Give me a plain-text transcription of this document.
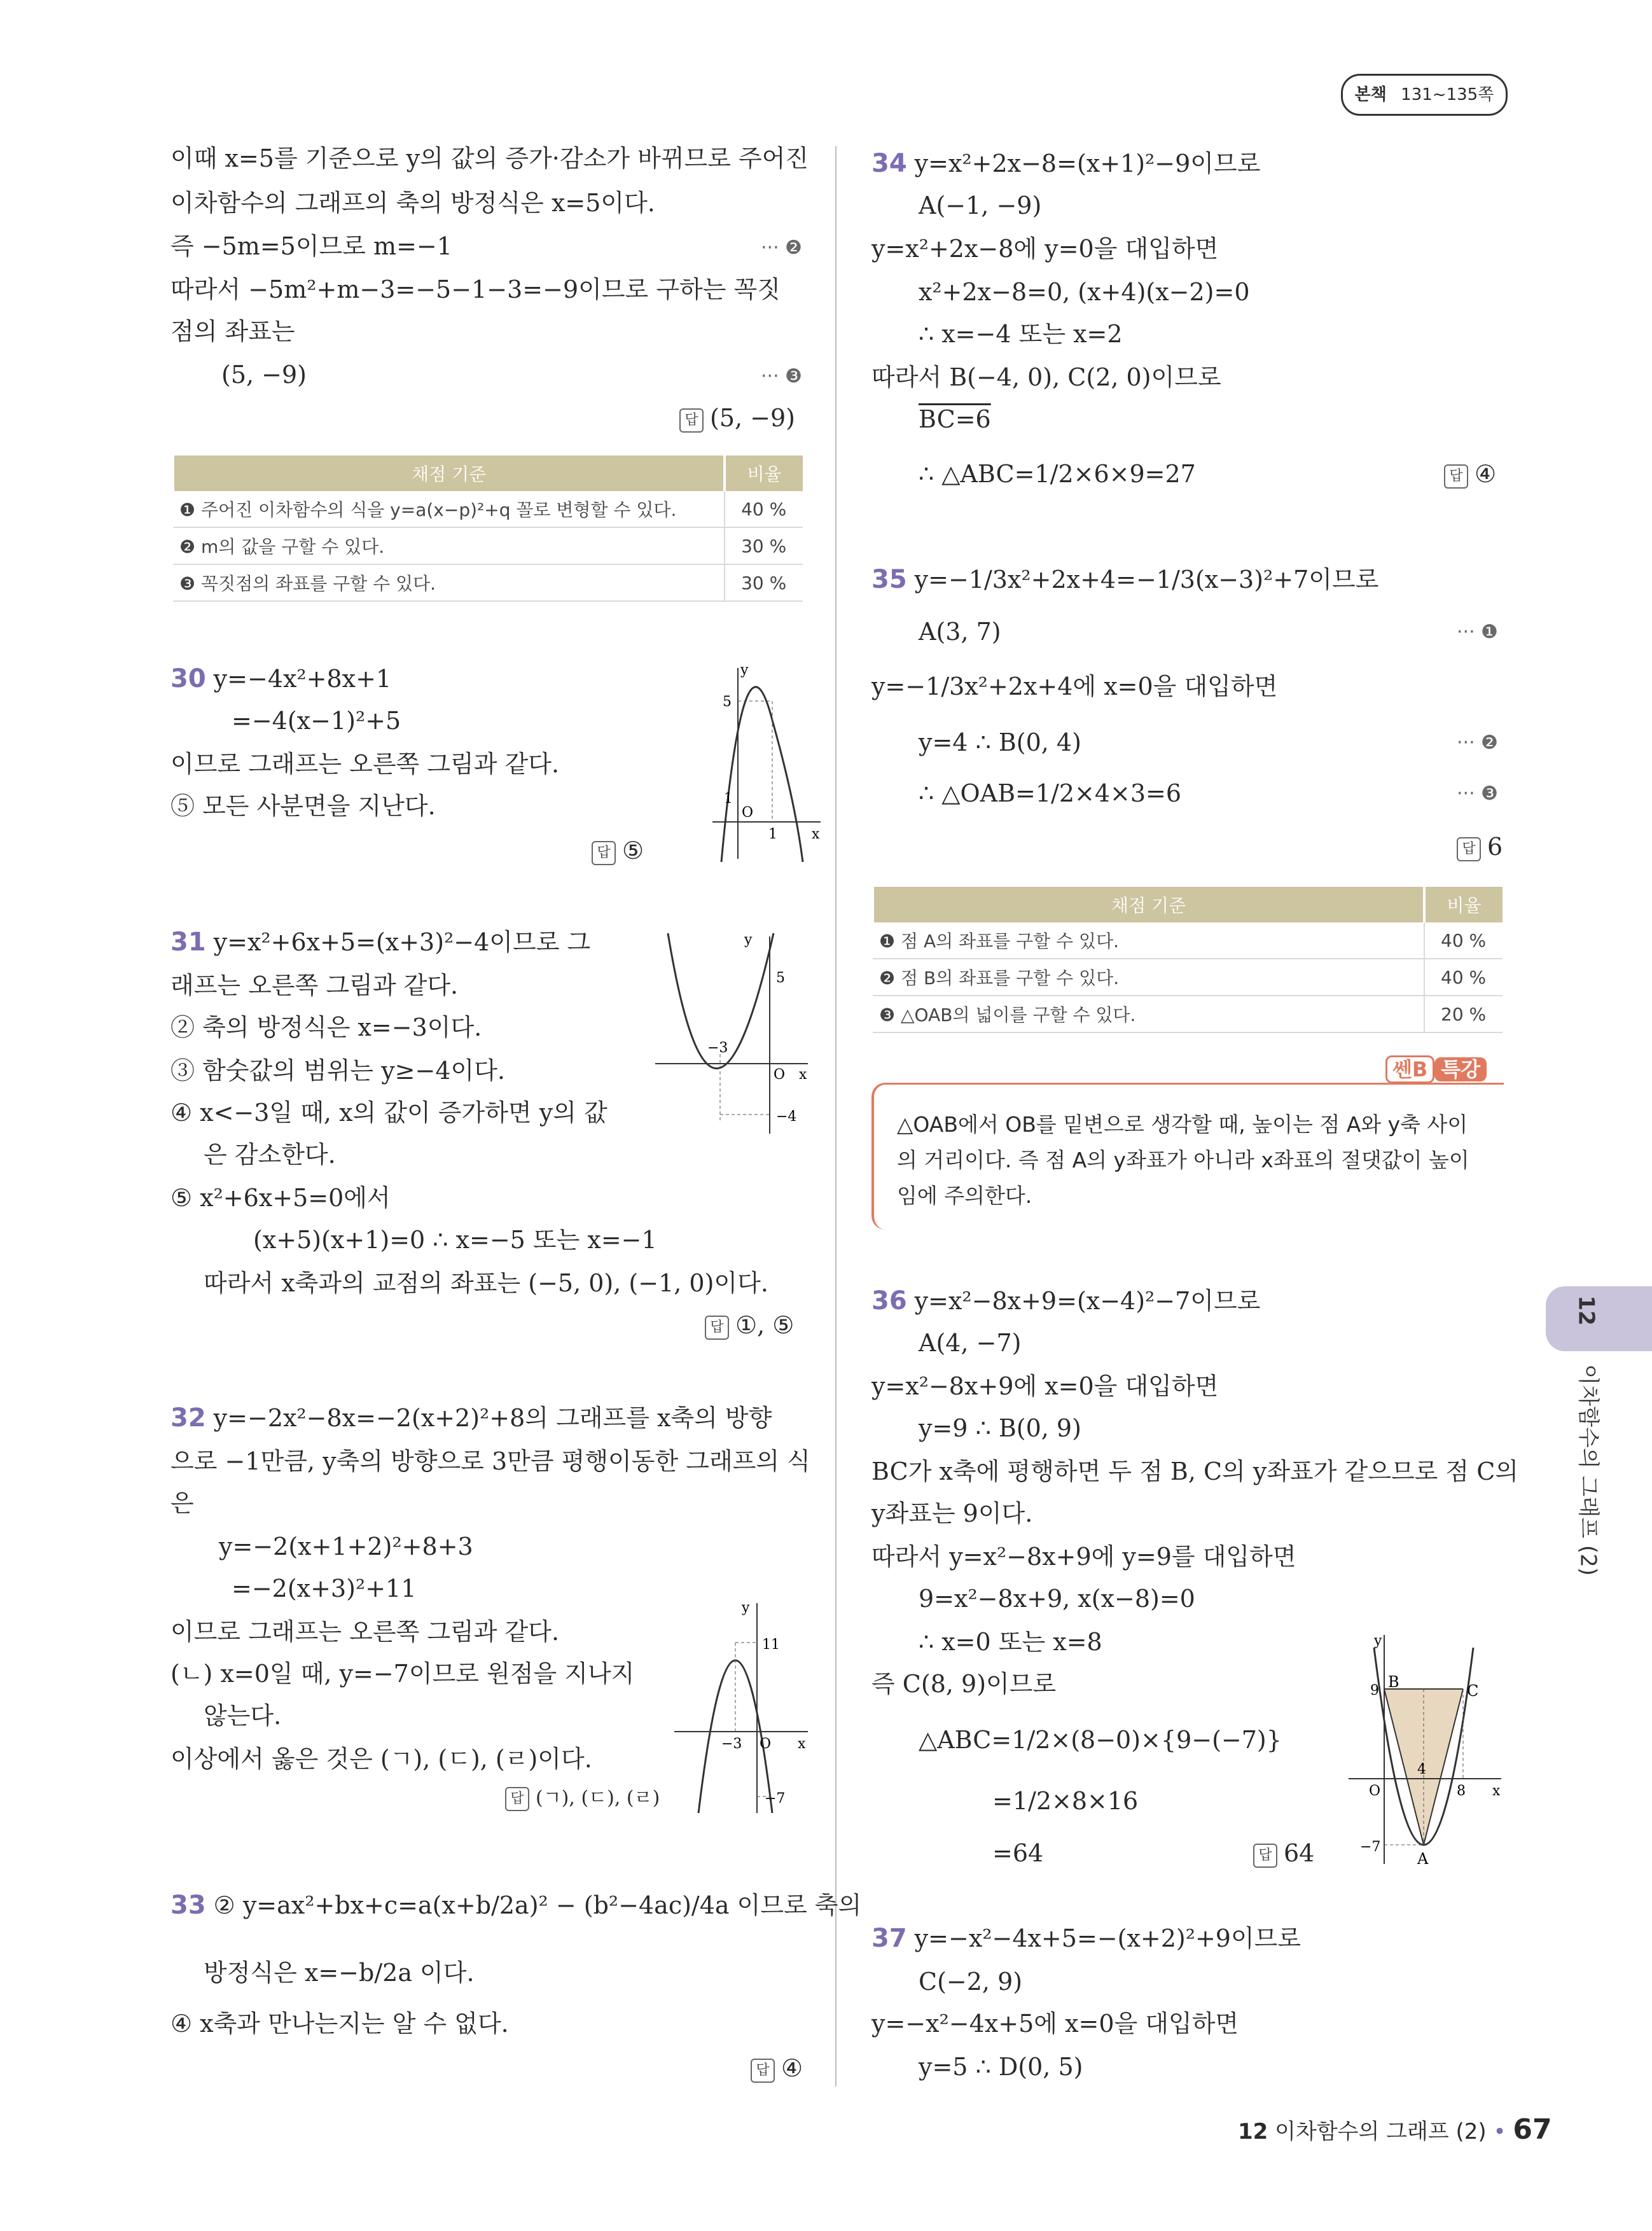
본책 131~135쪽
이때 x=5를 기준으로 y의 값의 증가·감소가 바뀌므로 주어진
이차함수의 그래프의 축의 방정식은 x=5이다.
즉 −5m=5이므로 m=−1	··· ❷
따라서 −5m²+m−3=−5−1−3=−9이므로 구하는 꼭짓
점의 좌표는
(5, −9)	··· ❸
답 (5, −9)
채점 기준	비율
❶ 주어진 이차함수의 식을 y=a(x−p)²+q 꼴로 변형할 수 있다.	40 %
❷ m의 값을 구할 수 있다.	30 %
❸ 꼭짓점의 좌표를 구할 수 있다.	30 %
30 y=−4x²+8x+1
=−4(x−1)²+5
이므로 그래프는 오른쪽 그림과 같다.
⑤ 모든 사분면을 지난다.
답 ⑤
y
x
5
1
O
1
31 y=x²+6x+5=(x+3)²−4이므로 그
래프는 오른쪽 그림과 같다.
② 축의 방정식은 x=−3이다.
③ 함숫값의 범위는 y≥−4이다.
④ x<−3일 때, x의 값이 증가하면 y의 값
은 감소한다.
⑤ x²+6x+5=0에서
(x+5)(x+1)=0 ∴ x=−5 또는 x=−1
따라서 x축과의 교점의 좌표는 (−5, 0), (−1, 0)이다.
답 ①, ⑤
y
x
5
−4
−3
O
32 y=−2x²−8x=−2(x+2)²+8의 그래프를 x축의 방향
으로 −1만큼, y축의 방향으로 3만큼 평행이동한 그래프의 식
은
y=−2(x+1+2)²+8+3
=−2(x+3)²+11
이므로 그래프는 오른쪽 그림과 같다.
(ㄴ) x=0일 때, y=−7이므로 원점을 지나지
않는다.
이상에서 옳은 것은 (ㄱ), (ㄷ), (ㄹ)이다.
답 (ㄱ), (ㄷ), (ㄹ)
y
x
11
−7
−3 O
33 ② y=ax²+bx+c=a(x+b/2a)² − (b²−4ac)/4a 이므로 축의
방정식은 x=−b/2a 이다.
④ x축과 만나는지는 알 수 없다.
답 ④
34 y=x²+2x−8=(x+1)²−9이므로
A(−1, −9)
y=x²+2x−8에 y=0을 대입하면
x²+2x−8=0, (x+4)(x−2)=0
∴ x=−4 또는 x=2
따라서 B(−4, 0), C(2, 0)이므로
BC=6
∴ △ABC=1/2×6×9=27	답 ④
35 y=−1/3x²+2x+4=−1/3(x−3)²+7이므로
A(3, 7)	··· ❶
y=−1/3x²+2x+4에 x=0을 대입하면
y=4 ∴ B(0, 4)	··· ❷
∴ △OAB=1/2×4×3=6	··· ❸
답 6
채점 기준	비율
❶ 점 A의 좌표를 구할 수 있다.	40 %
❷ 점 B의 좌표를 구할 수 있다.	40 %
❸ △OAB의 넓이를 구할 수 있다.	20 %
쎈B 특강
△OAB에서 OB를 밑변으로 생각할 때, 높이는 점 A와 y축 사이
의 거리이다. 즉 점 A의 y좌표가 아니라 x좌표의 절댓값이 높이
임에 주의한다.
36 y=x²−8x+9=(x−4)²−7이므로
A(4, −7)
y=x²−8x+9에 x=0을 대입하면
y=9 ∴ B(0, 9)
BC가 x축에 평행하면 두 점 B, C의 y좌표가 같으므로 점 C의
y좌표는 9이다.
따라서 y=x²−8x+9에 y=9를 대입하면
9=x²−8x+9, x(x−8)=0
∴ x=0 또는 x=8
즉 C(8, 9)이므로
△ABC=1/2×(8−0)×{9−(−7)}
=1/2×8×16
=64	답 64
y
x
9
−7
O
B	C
A
4
8
37 y=−x²−4x+5=−(x+2)²+9이므로
C(−2, 9)
y=−x²−4x+5에 x=0을 대입하면
y=5 ∴ D(0, 5)
12
이차함수의 그래프 (2)
12 이차함수의 그래프 (2) • 67
